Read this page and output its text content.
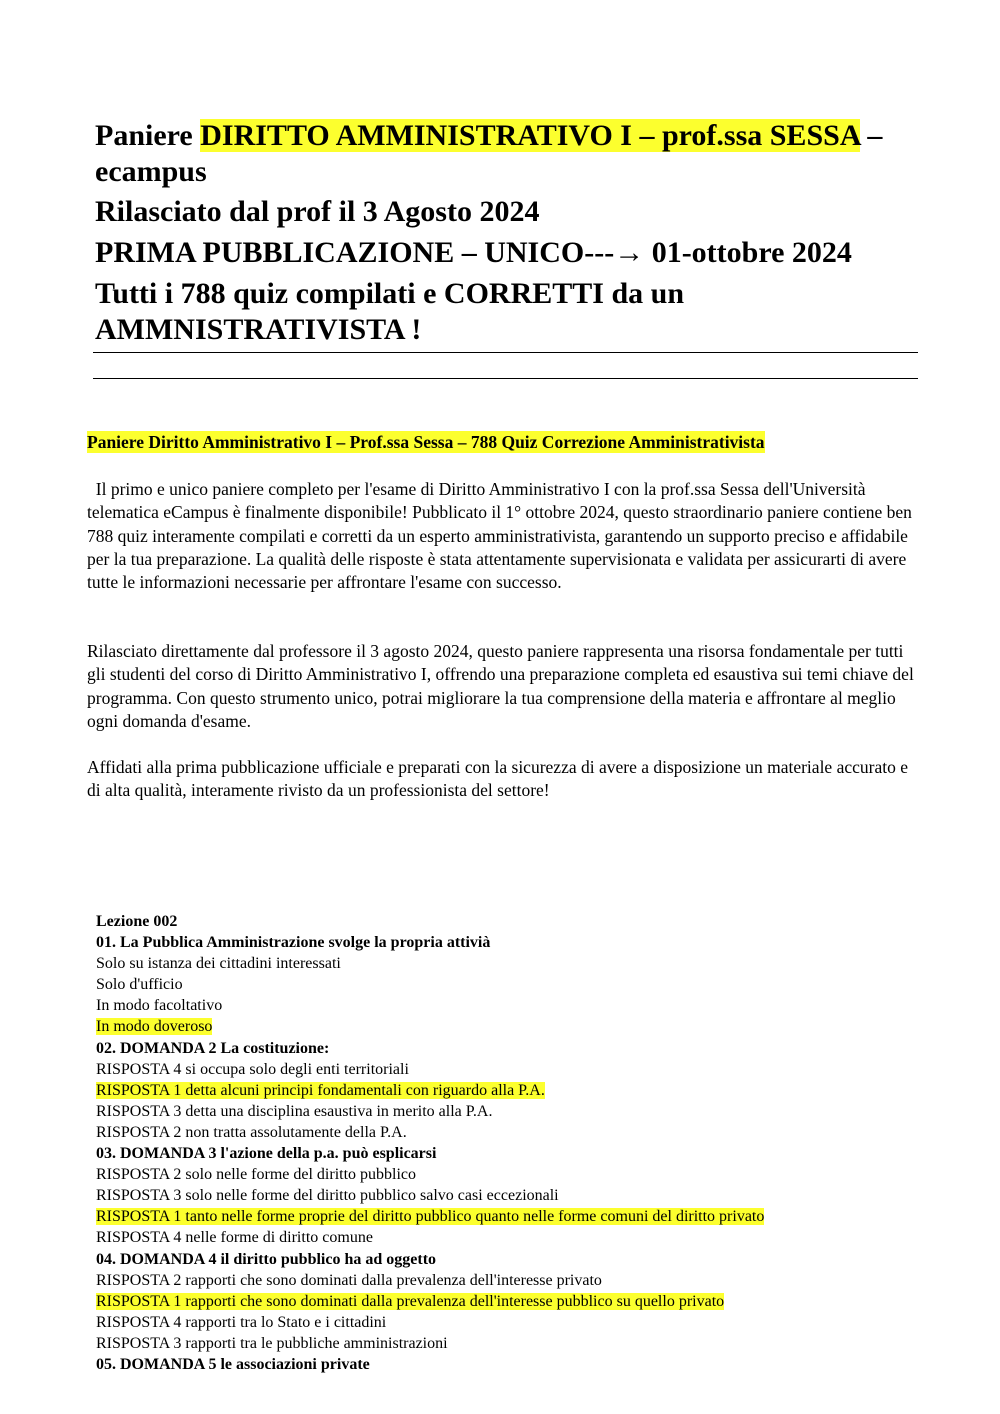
Paniere DIRITTO AMMINISTRATIVO I – prof.ssa SESSA – ecampus

Rilasciato dal prof il 3 Agosto 2024

PRIMA PUBBLICAZIONE – UNICO---→ 01-ottobre 2024

Tutti i 788 quiz compilati e CORRETTI da un AMMNISTRATIVISTA !

Paniere Diritto Amministrativo I – Prof.ssa Sessa – 788 Quiz Correzione Amministrativista

Il primo e unico paniere completo per l'esame di Diritto Amministrativo I con la prof.ssa Sessa dell'Università telematica eCampus è finalmente disponibile! Pubblicato il 1° ottobre 2024, questo straordinario paniere contiene ben 788 quiz interamente compilati e corretti da un esperto amministrativista, garantendo un supporto preciso e affidabile per la tua preparazione. La qualità delle risposte è stata attentamente supervisionata e validata per assicurarti di avere tutte le informazioni necessarie per affrontare l'esame con successo.

Rilasciato direttamente dal professore il 3 agosto 2024, questo paniere rappresenta una risorsa fondamentale per tutti gli studenti del corso di Diritto Amministrativo I, offrendo una preparazione completa ed esaustiva sui temi chiave del programma. Con questo strumento unico, potrai migliorare la tua comprensione della materia e affrontare al meglio ogni domanda d'esame.

Affidati alla prima pubblicazione ufficiale e preparati con la sicurezza di avere a disposizione un materiale accurato e di alta qualità, interamente rivisto da un professionista del settore!

Lezione 002
01. La Pubblica Amministrazione svolge la propria attivià
Solo su istanza dei cittadini interessati
Solo d'ufficio
In modo facoltativo
In modo doveroso
02. DOMANDA 2 La costituzione:
RISPOSTA 4 si occupa solo degli enti territoriali
RISPOSTA 1 detta alcuni principi fondamentali con riguardo alla P.A.
RISPOSTA 3 detta una disciplina esaustiva in merito alla P.A.
RISPOSTA 2 non tratta assolutamente della P.A.
03. DOMANDA 3 l'azione della p.a. può esplicarsi
RISPOSTA 2 solo nelle forme del diritto pubblico
RISPOSTA 3 solo nelle forme del diritto pubblico salvo casi eccezionali
RISPOSTA 1 tanto nelle forme proprie del diritto pubblico quanto nelle forme comuni del diritto privato
RISPOSTA 4 nelle forme di diritto comune
04. DOMANDA 4 il diritto pubblico ha ad oggetto
RISPOSTA 2 rapporti che sono dominati dalla prevalenza dell'interesse privato
RISPOSTA 1 rapporti che sono dominati dalla prevalenza dell'interesse pubblico su quello privato
RISPOSTA 4 rapporti tra lo Stato e i cittadini
RISPOSTA 3 rapporti tra le pubbliche amministrazioni
05. DOMANDA 5 le associazioni private
